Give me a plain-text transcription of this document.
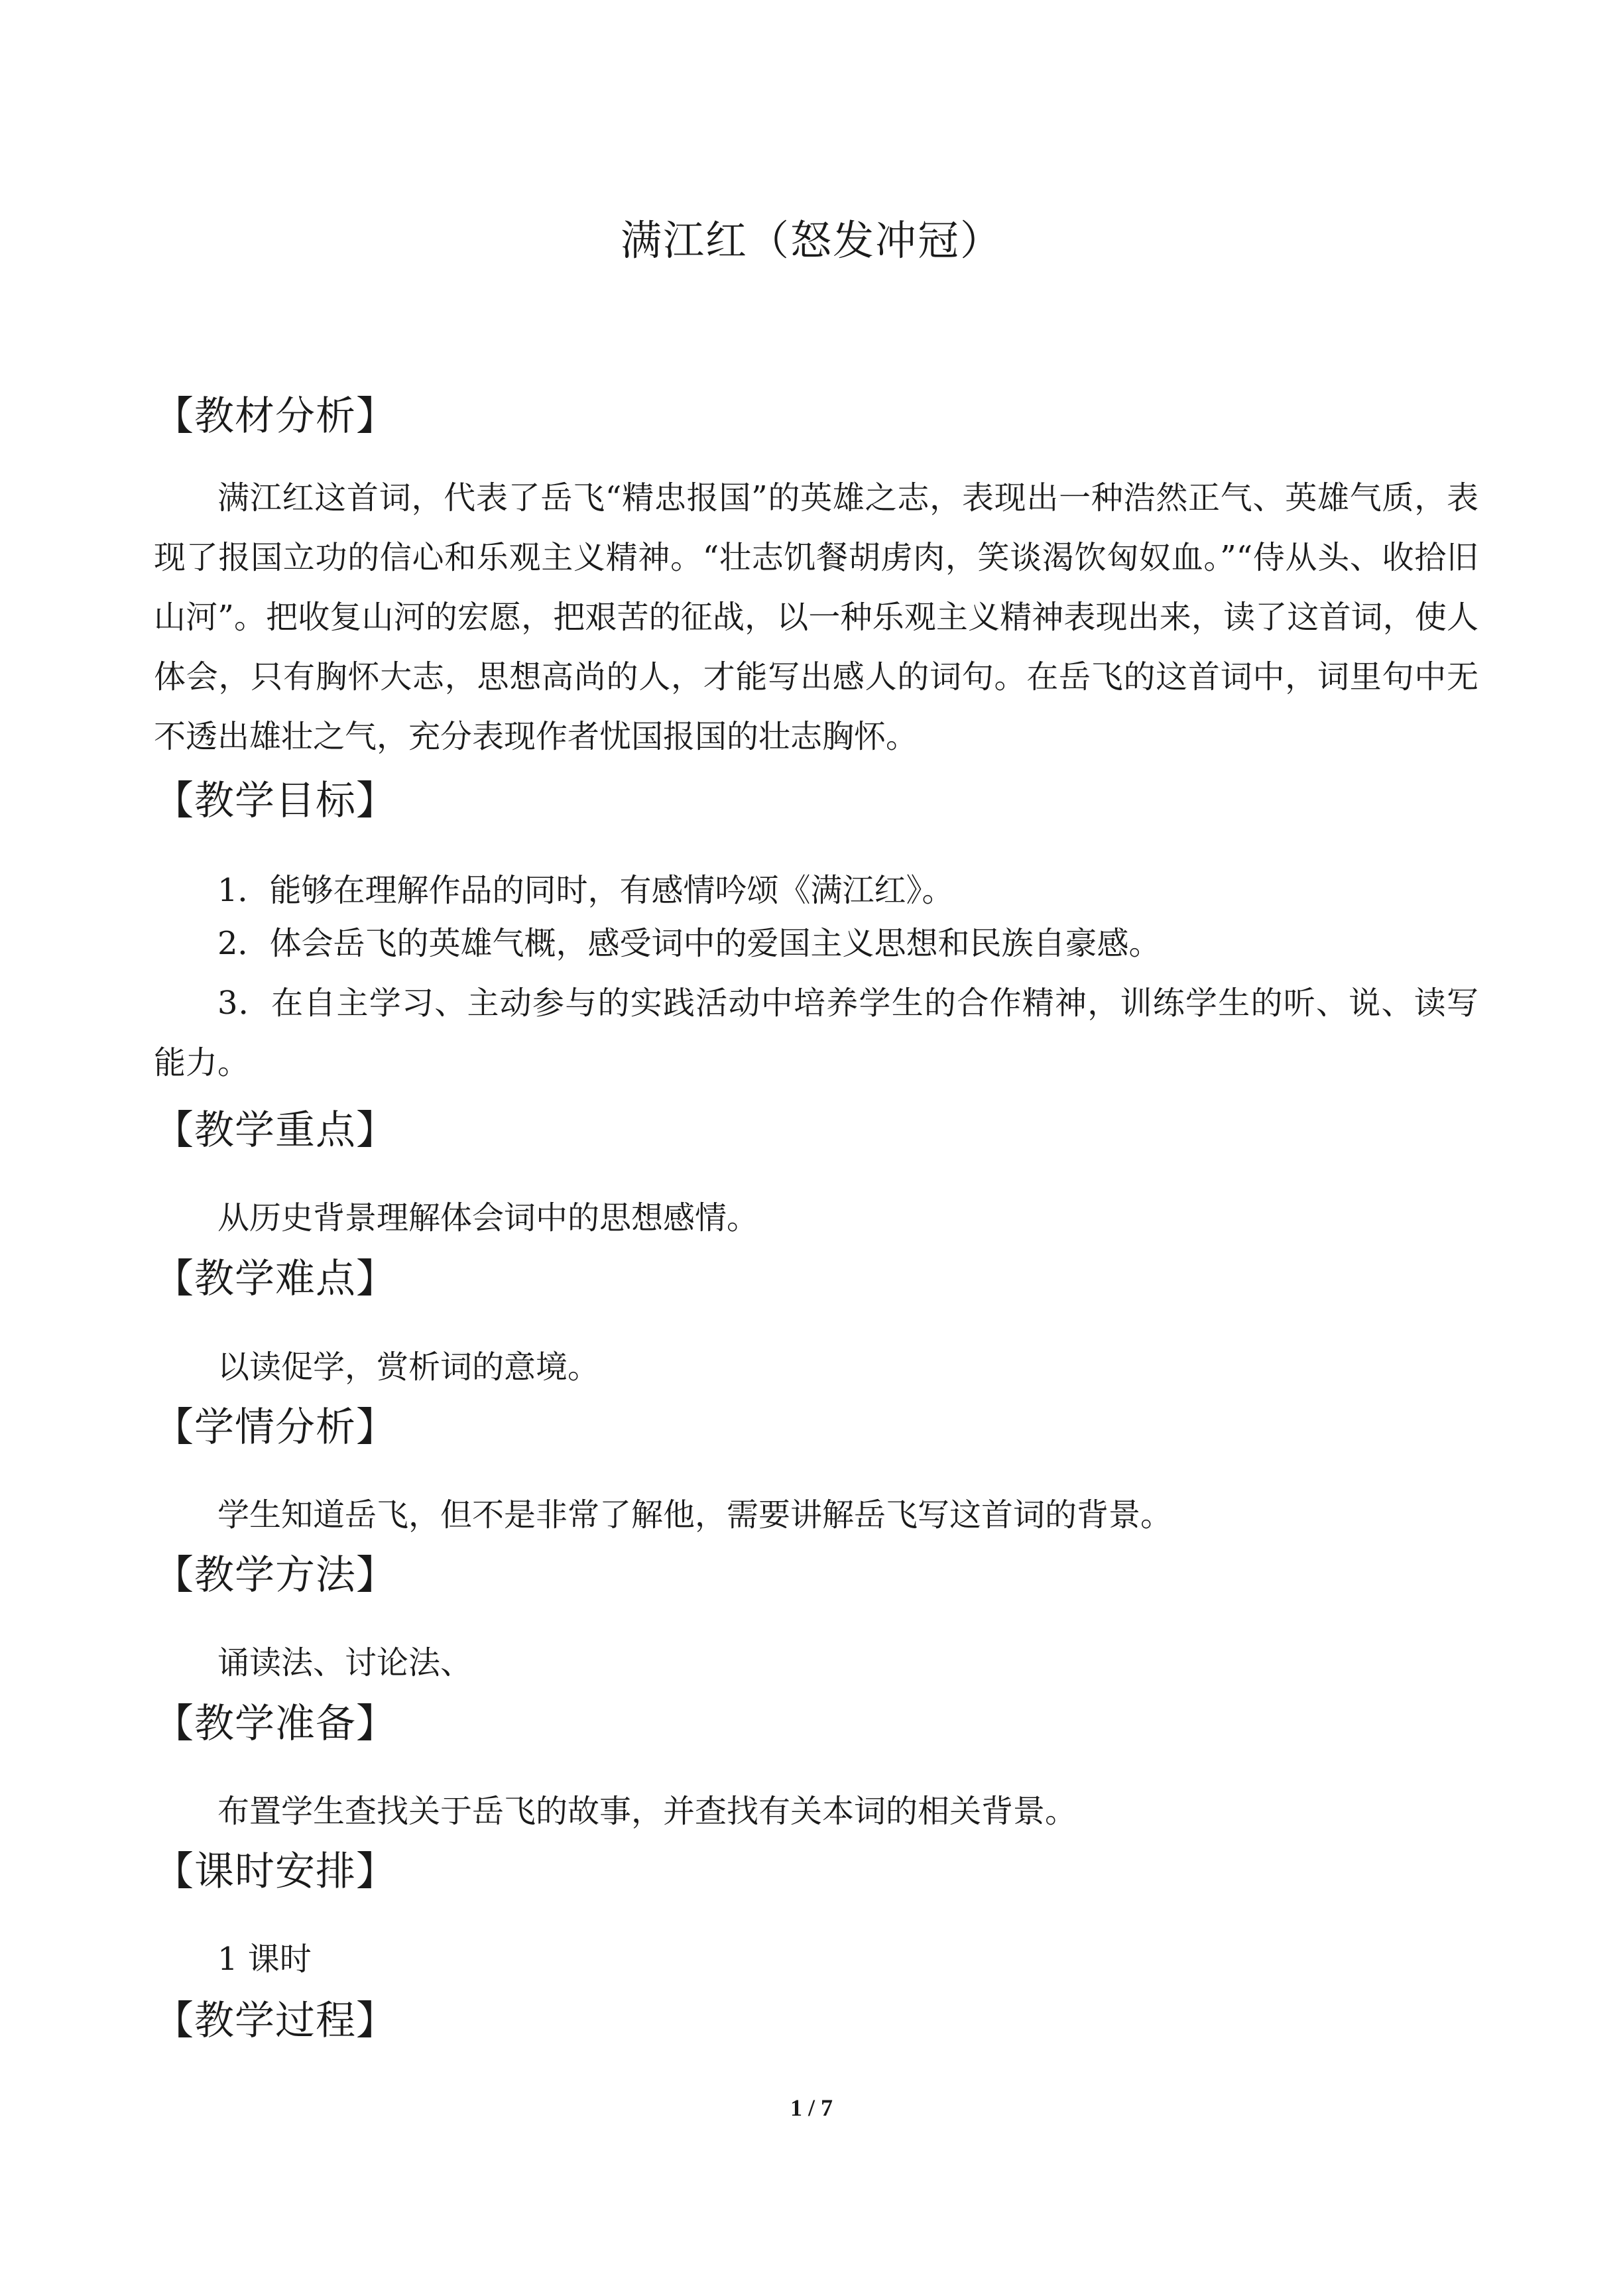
满江红（怒发冲冠）
【教材分析】
满江红这首词，代表了岳飞“精忠报国”的英雄之志，表现出一种浩然正气、英雄气质，表现了报国立功的信心和乐观主义精神。“壮志饥餐胡虏肉，笑谈渴饮匈奴血。”“侍从头、收拾旧山河”。把收复山河的宏愿，把艰苦的征战，以一种乐观主义精神表现出来，读了这首词，使人体会，只有胸怀大志，思想高尚的人，才能写出感人的词句。在岳飞的这首词中，词里句中无不透出雄壮之气，充分表现作者忧国报国的壮志胸怀。
【教学目标】
1．能够在理解作品的同时，有感情吟颂《满江红》。
2．体会岳飞的英雄气概，感受词中的爱国主义思想和民族自豪感。
3．在自主学习、主动参与的实践活动中培养学生的合作精神，训练学生的听、说、读写能力。
【教学重点】
从历史背景理解体会词中的思想感情。
【教学难点】
以读促学，赏析词的意境。
【学情分析】
学生知道岳飞，但不是非常了解他，需要讲解岳飞写这首词的背景。
【教学方法】
诵读法、讨论法、
【教学准备】
布置学生查找关于岳飞的故事，并查找有关本词的相关背景。
【课时安排】
1 课时
【教学过程】
1 / 7
